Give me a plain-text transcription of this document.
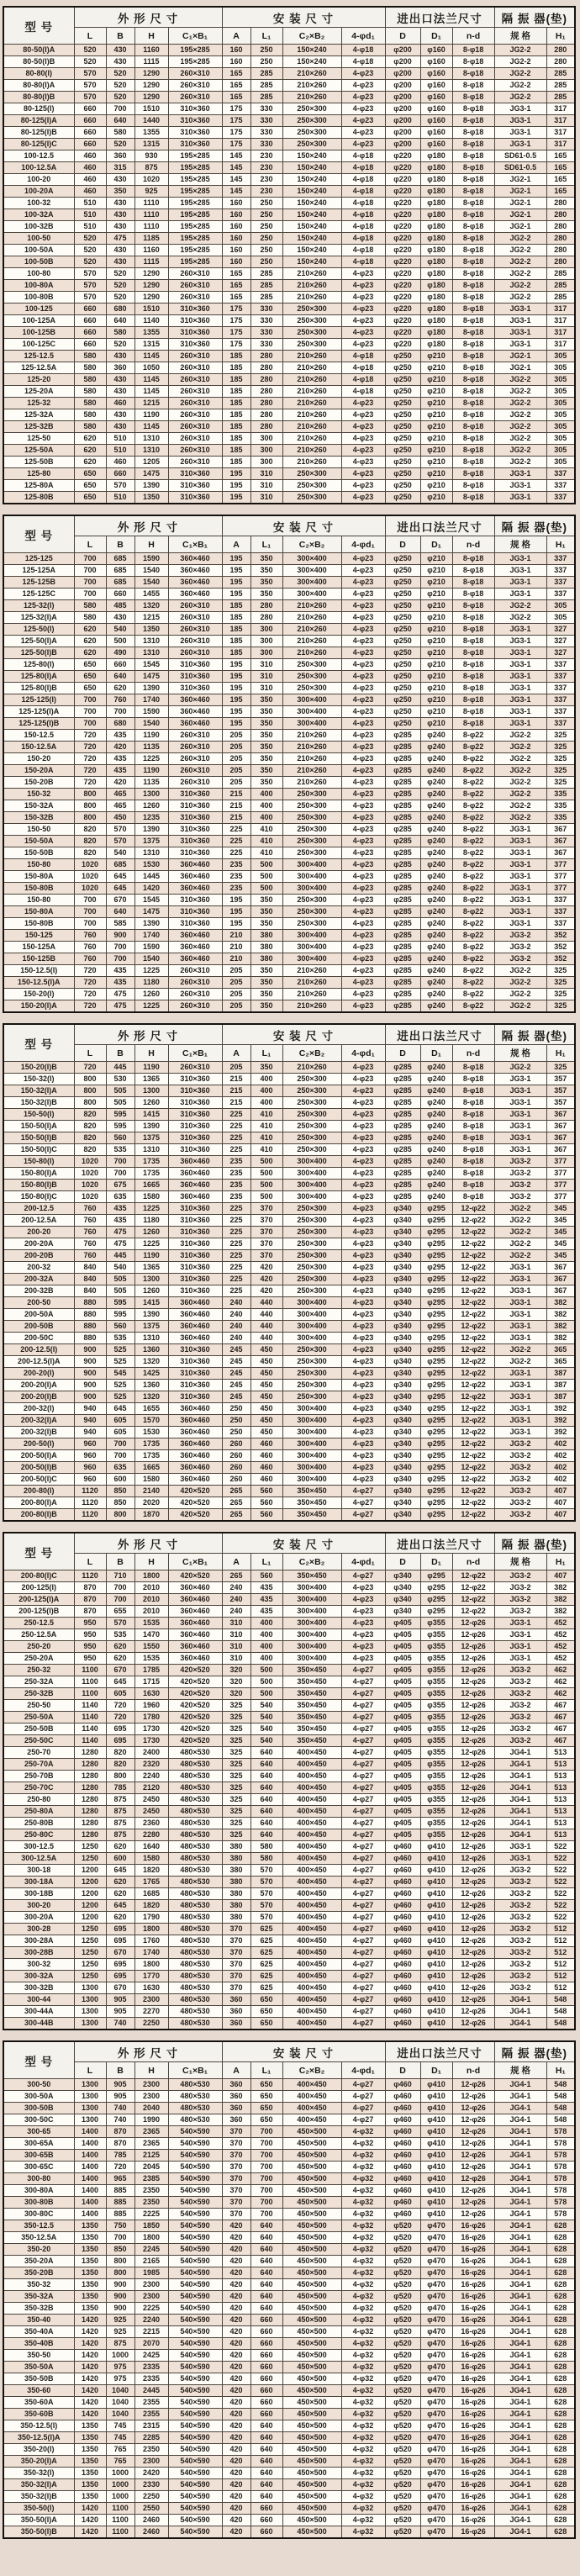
型 号	外 形 尺 寸				安 装 尺 寸				进出口法兰尺寸			隔 振 器(垫)	
	L	B	H	C₁×B₁	A	L₁	C₂×B₂	4-φd₁	D	D₁	n-d	规 格	H₁
80-50(I)A	520	430	1160	195×285	160	250	150×240	4-φ18	φ200	φ160	8-φ18	JG2-2	280
80-50(I)B	520	430	1115	195×285	160	250	150×240	4-φ18	φ200	φ160	8-φ18	JG2-2	280
80-80(I)	570	520	1290	260×310	165	285	210×260	4-φ23	φ200	φ160	8-φ18	JG2-2	285
80-80(I)A	570	520	1290	260×310	165	285	210×260	4-φ23	φ200	φ160	8-φ18	JG2-2	285
80-80(I)B	570	520	1290	260×310	165	285	210×260	4-φ23	φ200	φ160	8-φ18	JG2-2	285
80-125(I)	660	700	1510	310×360	175	330	250×300	4-φ23	φ200	φ160	8-φ18	JG3-1	317
80-125(I)A	660	640	1440	310×360	175	330	250×300	4-φ23	φ200	φ160	8-φ18	JG3-1	317
80-125(I)B	660	580	1355	310×360	175	330	250×300	4-φ23	φ200	φ160	8-φ18	JG3-1	317
80-125(I)C	660	520	1315	310×360	175	330	250×300	4-φ23	φ200	φ160	8-φ18	JG3-1	317
100-12.5	460	360	930	195×285	145	230	150×240	4-φ18	φ220	φ180	8-φ18	SD61-0.5	165
100-12.5A	460	315	875	195×285	145	230	150×240	4-φ18	φ220	φ180	8-φ18	SD61-0.5	165
100-20	460	430	1020	195×285	145	230	150×240	4-φ18	φ220	φ180	8-φ18	JG2-1	165
100-20A	460	350	925	195×285	145	230	150×240	4-φ18	φ220	φ180	8-φ18	JG2-1	165
100-32	510	430	1110	195×285	160	250	150×240	4-φ18	φ220	φ180	8-φ18	JG2-1	280
100-32A	510	430	1110	195×285	160	250	150×240	4-φ18	φ220	φ180	8-φ18	JG2-1	280
100-32B	510	430	1110	195×285	160	250	150×240	4-φ18	φ220	φ180	8-φ18	JG2-1	280
100-50	520	475	1185	195×285	160	250	150×240	4-φ18	φ220	φ180	8-φ18	JG2-2	280
100-50A	520	430	1160	195×285	160	250	150×240	4-φ18	φ220	φ180	8-φ18	JG2-2	280
100-50B	520	430	1115	195×285	160	250	150×240	4-φ18	φ220	φ180	8-φ18	JG2-2	280
100-80	570	520	1290	260×310	165	285	210×260	4-φ23	φ220	φ180	8-φ18	JG2-2	285
100-80A	570	520	1290	260×310	165	285	210×260	4-φ23	φ220	φ180	8-φ18	JG2-2	285
100-80B	570	520	1290	260×310	165	285	210×260	4-φ23	φ220	φ180	8-φ18	JG2-2	285
100-125	660	680	1510	310×360	175	330	250×300	4-φ23	φ220	φ180	8-φ18	JG3-1	317
100-125A	660	640	1140	310×360	175	330	250×300	4-φ23	φ220	φ180	8-φ18	JG3-1	317
100-125B	660	580	1355	310×360	175	330	250×300	4-φ23	φ220	φ180	8-φ18	JG3-1	317
100-125C	660	520	1315	310×360	175	330	250×300	4-φ23	φ220	φ180	8-φ18	JG3-1	317
125-12.5	580	430	1145	260×310	185	280	210×260	4-φ18	φ250	φ210	8-φ18	JG2-1	305
125-12.5A	580	360	1050	260×310	185	280	210×260	4-φ18	φ250	φ210	8-φ18	JG2-1	305
125-20	580	430	1145	260×310	185	280	210×260	4-φ18	φ250	φ210	8-φ18	JG2-2	305
125-20A	580	430	1145	260×310	185	280	210×260	4-φ18	φ250	φ210	8-φ18	JG2-2	305
125-32	580	460	1215	260×310	185	280	210×260	4-φ23	φ250	φ210	8-φ18	JG2-2	305
125-32A	580	430	1190	260×310	185	280	210×260	4-φ23	φ250	φ210	8-φ18	JG2-2	305
125-32B	580	430	1145	260×310	185	280	210×260	4-φ23	φ250	φ210	8-φ18	JG2-2	305
125-50	620	510	1310	260×310	185	300	210×260	4-φ23	φ250	φ210	8-φ18	JG2-2	305
125-50A	620	510	1310	260×310	185	300	210×260	4-φ23	φ250	φ210	8-φ18	JG2-2	305
125-50B	620	460	1205	260×310	185	300	210×260	4-φ23	φ250	φ210	8-φ18	JG2-2	305
125-80	650	660	1475	310×360	195	310	250×300	4-φ23	φ250	φ210	8-φ18	JG3-1	337
125-80A	650	570	1390	310×360	195	310	250×300	4-φ23	φ250	φ210	8-φ18	JG3-1	337
125-80B	650	510	1350	310×360	195	310	250×300	4-φ23	φ250	φ210	8-φ18	JG3-1	337
型 号	外 形 尺 寸				安 装 尺 寸				进出口法兰尺寸			隔 振 器(垫)	
	L	B	H	C₁×B₁	A	L₁	C₂×B₂	4-φd₁	D	D₁	n-d	规 格	H₁
125-125	700	685	1590	360×460	195	350	300×400	4-φ23	φ250	φ210	8-φ18	JG3-1	337
125-125A	700	685	1540	360×460	195	350	300×400	4-φ23	φ250	φ210	8-φ18	JG3-1	337
125-125B	700	685	1540	360×460	195	350	300×400	4-φ23	φ250	φ210	8-φ18	JG3-1	337
125-125C	700	660	1455	360×460	195	350	300×400	4-φ23	φ250	φ210	8-φ18	JG3-1	337
125-32(I)	580	485	1320	260×310	185	280	210×260	4-φ23	φ250	φ210	8-φ18	JG2-2	305
125-32(I)A	580	430	1215	260×310	185	280	210×260	4-φ23	φ250	φ210	8-φ18	JG2-2	305
125-50(I)	620	540	1350	260×310	185	300	210×260	4-φ23	φ250	φ210	8-φ18	JG3-1	327
125-50(I)A	620	500	1310	260×310	185	300	210×260	4-φ23	φ250	φ210	8-φ18	JG3-1	327
125-50(I)B	620	490	1310	260×310	185	300	210×260	4-φ23	φ250	φ210	8-φ18	JG3-1	327
125-80(I)	650	660	1545	310×360	195	310	250×300	4-φ23	φ250	φ210	8-φ18	JG3-1	337
125-80(I)A	650	640	1475	310×360	195	310	250×300	4-φ23	φ250	φ210	8-φ18	JG3-1	337
125-80(I)B	650	620	1390	310×360	195	310	250×300	4-φ23	φ250	φ210	8-φ18	JG3-1	337
125-125(I)	700	760	1740	360×460	195	350	300×400	4-φ23	φ250	φ210	8-φ18	JG3-1	337
125-125(I)A	700	700	1590	360×460	195	350	300×400	4-φ23	φ250	φ210	8-φ18	JG3-1	337
125-125(I)B	700	680	1540	360×460	195	350	300×400	4-φ23	φ250	φ210	8-φ18	JG3-1	337
150-12.5	720	435	1190	260×310	205	350	210×260	4-φ23	φ285	φ240	8-φ22	JG2-2	325
150-12.5A	720	420	1135	260×310	205	350	210×260	4-φ23	φ285	φ240	8-φ22	JG2-2	325
150-20	720	435	1225	260×310	205	350	210×260	4-φ23	φ285	φ240	8-φ22	JG2-2	325
150-20A	720	435	1190	260×310	205	350	210×260	4-φ23	φ285	φ240	8-φ22	JG2-2	325
150-20B	720	420	1135	260×310	205	350	210×260	4-φ23	φ285	φ240	8-φ22	JG2-2	325
150-32	800	465	1300	310×360	215	400	250×300	4-φ23	φ285	φ240	8-φ22	JG2-2	335
150-32A	800	465	1260	310×360	215	400	250×300	4-φ23	φ285	φ240	8-φ22	JG2-2	335
150-32B	800	450	1235	310×360	215	400	250×300	4-φ23	φ285	φ240	8-φ22	JG2-2	335
150-50	820	570	1390	310×360	225	410	250×300	4-φ23	φ285	φ240	8-φ22	JG3-1	367
150-50A	820	570	1375	310×360	225	410	250×300	4-φ23	φ285	φ240	8-φ22	JG3-1	367
150-50B	820	540	1310	310×360	225	410	250×300	4-φ23	φ285	φ240	8-φ22	JG3-1	367
150-80	1020	685	1530	360×460	235	500	300×400	4-φ23	φ285	φ240	8-φ22	JG3-1	377
150-80A	1020	645	1445	360×460	235	500	300×400	4-φ23	φ285	φ240	8-φ22	JG3-1	377
150-80B	1020	645	1420	360×460	235	500	300×400	4-φ23	φ285	φ240	8-φ22	JG3-1	377
150-80	700	670	1545	310×360	195	350	250×300	4-φ23	φ285	φ240	8-φ22	JG3-1	337
150-80A	700	640	1475	310×360	195	350	250×300	4-φ23	φ285	φ240	8-φ22	JG3-1	337
150-80B	700	585	1390	310×360	195	350	250×300	4-φ23	φ285	φ240	8-φ22	JG3-1	337
150-125	760	900	1740	360×460	210	380	300×400	4-φ23	φ285	φ240	8-φ22	JG3-2	352
150-125A	760	700	1590	360×460	210	380	300×400	4-φ23	φ285	φ240	8-φ22	JG3-2	352
150-125B	760	700	1540	360×460	210	380	300×400	4-φ23	φ285	φ240	8-φ22	JG3-2	352
150-12.5(I)	720	435	1225	260×310	205	350	210×260	4-φ23	φ285	φ240	8-φ22	JG2-2	325
150-12.5(I)A	720	435	1180	260×310	205	350	210×260	4-φ23	φ285	φ240	8-φ22	JG2-2	325
150-20(I)	720	475	1260	260×310	205	350	210×260	4-φ23	φ285	φ240	8-φ22	JG2-2	325
150-20(I)A	720	475	1225	260×310	205	350	210×260	4-φ23	φ285	φ240	8-φ22	JG2-2	325
型 号	外 形 尺 寸				安 装 尺 寸				进出口法兰尺寸			隔 振 器(垫)	
	L	B	H	C₁×B₁	A	L₁	C₂×B₂	4-φd₁	D	D₁	n-d	规 格	H₁
150-20(I)B	720	445	1190	260×310	205	350	210×260	4-φ23	φ285	φ240	8-φ18	JG2-2	325
150-32(I)	800	530	1365	310×360	215	400	250×300	4-φ23	φ285	φ240	8-φ18	JG3-1	357
150-32(I)A	800	505	1300	310×360	215	400	250×300	4-φ23	φ285	φ240	8-φ18	JG3-1	357
150-32(I)B	800	505	1260	310×360	215	400	250×300	4-φ23	φ285	φ240	8-φ18	JG3-1	357
150-50(I)	820	595	1415	310×360	225	410	250×300	4-φ23	φ285	φ240	8-φ18	JG3-1	367
150-50(I)A	820	595	1390	310×360	225	410	250×300	4-φ23	φ285	φ240	8-φ18	JG3-1	367
150-50(I)B	820	560	1375	310×360	225	410	250×300	4-φ23	φ285	φ240	8-φ18	JG3-1	367
150-50(I)C	820	535	1310	310×360	225	410	250×300	4-φ23	φ285	φ240	8-φ18	JG3-1	367
150-80(I)	1020	700	1735	360×460	235	500	300×400	4-φ23	φ285	φ240	8-φ18	JG3-2	377
150-80(I)A	1020	700	1735	360×460	235	500	300×400	4-φ23	φ285	φ240	8-φ18	JG3-2	377
150-80(I)B	1020	675	1665	360×460	235	500	300×400	4-φ23	φ285	φ240	8-φ18	JG3-2	377
150-80(I)C	1020	635	1580	360×460	235	500	300×400	4-φ23	φ285	φ240	8-φ18	JG3-2	377
200-12.5	760	435	1225	310×360	225	370	250×300	4-φ23	φ340	φ295	12-φ22	JG2-2	345
200-12.5A	760	435	1180	310×360	225	370	250×300	4-φ23	φ340	φ295	12-φ22	JG2-2	345
200-20	760	475	1260	310×360	225	370	250×300	4-φ23	φ340	φ295	12-φ22	JG2-2	345
200-20A	760	475	1225	310×360	225	370	250×300	4-φ23	φ340	φ295	12-φ22	JG2-2	345
200-20B	760	445	1190	310×360	225	370	250×300	4-φ23	φ340	φ295	12-φ22	JG2-2	345
200-32	840	540	1365	310×360	225	420	250×300	4-φ23	φ340	φ295	12-φ22	JG3-1	367
200-32A	840	505	1300	310×360	225	420	250×300	4-φ23	φ340	φ295	12-φ22	JG3-1	367
200-32B	840	505	1260	310×360	225	420	250×300	4-φ23	φ340	φ295	12-φ22	JG3-1	367
200-50	880	595	1415	360×460	240	440	300×400	4-φ23	φ340	φ295	12-φ22	JG3-1	382
200-50A	880	595	1390	360×460	240	440	300×400	4-φ23	φ340	φ295	12-φ22	JG3-1	382
200-50B	880	560	1375	360×460	240	440	300×400	4-φ23	φ340	φ295	12-φ22	JG3-1	382
200-50C	880	535	1310	360×460	240	440	300×400	4-φ23	φ340	φ295	12-φ22	JG3-1	382
200-12.5(I)	900	525	1360	310×360	245	450	250×300	4-φ23	φ340	φ295	12-φ22	JG2-2	365
200-12.5(I)A	900	525	1320	310×360	245	450	250×300	4-φ23	φ340	φ295	12-φ22	JG2-2	365
200-20(I)	900	545	1425	310×360	245	450	250×300	4-φ23	φ340	φ295	12-φ22	JG3-1	387
200-20(I)A	900	525	1360	310×360	245	450	250×300	4-φ23	φ340	φ295	12-φ22	JG3-1	387
200-20(I)B	900	525	1320	310×360	245	450	250×300	4-φ23	φ340	φ295	12-φ22	JG3-1	387
200-32(I)	940	645	1655	360×460	250	450	300×400	4-φ23	φ340	φ295	12-φ22	JG3-1	392
200-32(I)A	940	605	1570	360×460	250	450	300×400	4-φ23	φ340	φ295	12-φ22	JG3-1	392
200-32(I)B	940	605	1530	360×460	250	450	300×400	4-φ23	φ340	φ295	12-φ22	JG3-1	392
200-50(I)	960	700	1735	360×460	260	460	300×400	4-φ23	φ340	φ295	12-φ22	JG3-2	402
200-50(I)A	960	700	1735	360×460	260	460	300×400	4-φ23	φ340	φ295	12-φ22	JG3-2	402
200-50(I)B	960	635	1665	360×460	260	460	300×400	4-φ23	φ340	φ295	12-φ22	JG3-2	402
200-50(I)C	960	600	1580	360×460	260	460	300×400	4-φ23	φ340	φ295	12-φ22	JG3-2	402
200-80(I)	1120	850	2140	420×520	265	560	350×450	4-φ27	φ340	φ295	12-φ22	JG3-2	407
200-80(I)A	1120	850	2020	420×520	265	560	350×450	4-φ27	φ340	φ295	12-φ22	JG3-2	407
200-80(I)B	1120	800	1870	420×520	265	560	350×450	4-φ27	φ340	φ295	12-φ22	JG3-2	407
型 号	外 形 尺 寸				安 装 尺 寸				进出口法兰尺寸			隔 振 器(垫)	
	L	B	H	C₁×B₁	A	L₁	C₂×B₂	4-φd₁	D	D₁	n-d	规 格	H₁
200-80(I)C	1120	710	1800	420×520	265	560	350×450	4-φ27	φ340	φ295	12-φ22	JG3-2	407
200-125(I)	870	700	2010	360×460	240	435	300×400	4-φ23	φ340	φ295	12-φ22	JG3-2	382
200-125(I)A	870	700	2010	360×460	240	435	300×400	4-φ23	φ340	φ295	12-φ22	JG3-2	382
200-125(I)B	870	655	2010	360×460	240	435	300×400	4-φ23	φ340	φ295	12-φ22	JG3-2	382
250-12.5	950	570	1535	360×460	310	400	300×400	4-φ23	φ405	φ355	12-φ26	JG3-1	452
250-12.5A	950	535	1470	360×460	310	400	300×400	4-φ23	φ405	φ355	12-φ26	JG3-1	452
250-20	950	620	1550	360×460	310	400	300×400	4-φ23	φ405	φ355	12-φ26	JG3-1	452
250-20A	950	620	1535	360×460	310	400	300×400	4-φ23	φ405	φ355	12-φ26	JG3-1	452
250-32	1100	670	1785	420×520	320	500	350×450	4-φ27	φ405	φ355	12-φ26	JG3-2	462
250-32A	1100	645	1715	420×520	320	500	350×450	4-φ27	φ405	φ355	12-φ26	JG3-2	462
250-32B	1100	605	1630	420×520	320	500	350×450	4-φ27	φ405	φ355	12-φ26	JG3-2	462
250-50	1140	720	1960	420×520	325	540	350×450	4-φ27	φ405	φ355	12-φ26	JG3-2	467
250-50A	1140	720	1780	420×520	325	540	350×450	4-φ27	φ405	φ355	12-φ26	JG3-2	467
250-50B	1140	695	1730	420×520	325	540	350×450	4-φ27	φ405	φ355	12-φ26	JG3-2	467
250-50C	1140	695	1730	420×520	325	540	350×450	4-φ27	φ405	φ355	12-φ26	JG3-2	467
250-70	1280	820	2400	480×530	325	640	400×450	4-φ27	φ405	φ355	12-φ26	JG4-1	513
250-70A	1280	820	2320	480×530	325	640	400×450	4-φ27	φ405	φ355	12-φ26	JG4-1	513
250-70B	1280	800	2240	480×530	325	640	400×450	4-φ27	φ405	φ355	12-φ26	JG4-1	513
250-70C	1280	785	2120	480×530	325	640	400×450	4-φ27	φ405	φ355	12-φ26	JG4-1	513
250-80	1280	875	2450	480×530	325	640	400×450	4-φ27	φ405	φ355	12-φ26	JG4-1	513
250-80A	1280	875	2450	480×530	325	640	400×450	4-φ27	φ405	φ355	12-φ26	JG4-1	513
250-80B	1280	875	2360	480×530	325	640	400×450	4-φ27	φ405	φ355	12-φ26	JG4-1	513
250-80C	1280	875	2280	480×530	325	640	400×450	4-φ27	φ405	φ355	12-φ26	JG4-1	513
300-12.5	1250	620	1640	480×530	380	580	400×450	4-φ27	φ460	φ410	12-φ26	JG3-1	522
300-12.5A	1250	600	1580	480×530	380	580	400×450	4-φ27	φ460	φ410	12-φ26	JG3-1	522
300-18	1200	645	1820	480×530	380	570	400×450	4-φ27	φ460	φ410	12-φ26	JG3-2	522
300-18A	1200	620	1765	480×530	380	570	400×450	4-φ27	φ460	φ410	12-φ26	JG3-2	522
300-18B	1200	620	1685	480×530	380	570	400×450	4-φ27	φ460	φ410	12-φ26	JG3-2	522
300-20	1200	645	1820	480×530	380	570	400×450	4-φ27	φ460	φ410	12-φ26	JG3-2	522
300-20A	1200	620	1790	480×530	380	570	400×450	4-φ27	φ460	φ410	12-φ26	JG3-2	522
300-28	1250	695	1800	480×530	370	625	400×450	4-φ27	φ460	φ410	12-φ26	JG3-2	512
300-28A	1250	695	1760	480×530	370	625	400×450	4-φ27	φ460	φ410	12-φ26	JG3-2	512
300-28B	1250	670	1740	480×530	370	625	400×450	4-φ27	φ460	φ410	12-φ26	JG3-2	512
300-32	1250	695	1800	480×530	370	625	400×450	4-φ27	φ460	φ410	12-φ26	JG3-2	512
300-32A	1250	695	1770	480×530	370	625	400×450	4-φ27	φ460	φ410	12-φ26	JG3-2	512
300-32B	1300	670	1630	480×530	370	625	400×450	4-φ27	φ460	φ410	12-φ26	JG3-2	512
300-44	1300	905	2300	480×530	360	650	400×450	4-φ27	φ460	φ410	12-φ26	JG4-1	548
300-44A	1300	905	2270	480×530	360	650	400×450	4-φ27	φ460	φ410	12-φ26	JG4-1	548
300-44B	1300	740	2250	480×530	360	650	400×450	4-φ27	φ460	φ410	12-φ26	JG4-1	548
型 号	外 形 尺 寸				安 装 尺 寸				进出口法兰尺寸			隔 振 器(垫)	
	L	B	H	C₁×B₁	A	L₁	C₂×B₂	4-φd₁	D	D₁	n-d	规 格	H₁
300-50	1300	905	2300	480×530	360	650	400×450	4-φ27	φ460	φ410	12-φ26	JG4-1	548
300-50A	1300	905	2300	480×530	360	650	400×450	4-φ27	φ460	φ410	12-φ26	JG4-1	548
300-50B	1300	740	2040	480×530	360	650	400×450	4-φ27	φ460	φ410	12-φ26	JG4-1	548
300-50C	1300	740	1990	480×530	360	650	400×450	4-φ27	φ460	φ410	12-φ26	JG4-1	548
300-65	1400	870	2365	540×590	370	700	450×500	4-φ32	φ460	φ410	12-φ26	JG4-1	578
300-65A	1400	870	2365	540×590	370	700	450×500	4-φ32	φ460	φ410	12-φ26	JG4-1	578
300-65B	1400	785	2125	540×590	370	700	450×500	4-φ32	φ460	φ410	12-φ26	JG4-1	578
300-65C	1400	720	2045	540×590	370	700	450×500	4-φ32	φ460	φ410	12-φ26	JG4-1	578
300-80	1400	965	2385	540×590	370	700	450×500	4-φ32	φ460	φ410	12-φ26	JG4-1	578
300-80A	1400	885	2350	540×590	370	700	450×500	4-φ32	φ460	φ410	12-φ26	JG4-1	578
300-80B	1400	885	2350	540×590	370	700	450×500	4-φ32	φ460	φ410	12-φ26	JG4-1	578
300-80C	1400	885	2225	540×590	370	700	450×500	4-φ32	φ460	φ410	12-φ26	JG4-1	578
350-12.5	1350	750	1850	540×590	420	640	450×500	4-φ32	φ520	φ470	16-φ26	JG4-1	628
350-12.5A	1350	700	1800	540×590	420	640	450×500	4-φ32	φ520	φ470	16-φ26	JG4-1	628
350-20	1350	850	2245	540×590	420	640	450×500	4-φ32	φ520	φ470	16-φ26	JG4-1	628
350-20A	1350	800	2165	540×590	420	640	450×500	4-φ32	φ520	φ470	16-φ26	JG4-1	628
350-20B	1350	800	1985	540×590	420	640	450×500	4-φ32	φ520	φ470	16-φ26	JG4-1	628
350-32	1350	900	2300	540×590	420	640	450×500	4-φ32	φ520	φ470	16-φ26	JG4-1	628
350-32A	1350	900	2300	540×590	420	640	450×500	4-φ32	φ520	φ470	16-φ26	JG4-1	628
350-32B	1350	900	2225	540×590	420	640	450×500	4-φ32	φ520	φ470	16-φ26	JG4-1	628
350-40	1420	925	2240	540×590	420	660	450×500	4-φ32	φ520	φ470	16-φ26	JG4-1	628
350-40A	1420	925	2215	540×590	420	660	450×500	4-φ32	φ520	φ470	16-φ26	JG4-1	628
350-40B	1420	875	2070	540×590	420	660	450×500	4-φ32	φ520	φ470	16-φ26	JG4-1	628
350-50	1420	1000	2425	540×590	420	660	450×500	4-φ32	φ520	φ470	16-φ26	JG4-1	628
350-50A	1420	975	2335	540×590	420	660	450×500	4-φ32	φ520	φ470	16-φ26	JG4-1	628
350-50B	1420	975	2335	540×590	420	660	450×500	4-φ32	φ520	φ470	16-φ26	JG4-1	628
350-60	1420	1040	2445	540×590	420	660	450×500	4-φ32	φ520	φ470	16-φ26	JG4-1	628
350-60A	1420	1040	2355	540×590	420	660	450×500	4-φ32	φ520	φ470	16-φ26	JG4-1	628
350-60B	1420	1040	2355	540×590	420	660	450×500	4-φ32	φ520	φ470	16-φ26	JG4-1	628
350-12.5(I)	1350	745	2315	540×590	420	640	450×500	4-φ32	φ520	φ470	16-φ26	JG4-1	628
350-12.5(I)A	1350	745	2285	540×590	420	640	450×500	4-φ32	φ520	φ470	16-φ26	JG4-1	628
350-20(I)	1350	765	2350	540×590	420	640	450×500	4-φ32	φ520	φ470	16-φ26	JG4-1	628
350-20(I)A	1350	765	2300	540×590	420	640	450×500	4-φ32	φ520	φ470	16-φ26	JG4-1	628
350-32(I)	1350	1000	2420	540×590	420	640	450×500	4-φ32	φ520	φ470	16-φ26	JG4-1	628
350-32(I)A	1350	1000	2330	540×590	420	640	450×500	4-φ32	φ520	φ470	16-φ26	JG4-1	628
350-32(I)B	1350	1000	2250	540×590	420	640	450×500	4-φ32	φ520	φ470	16-φ26	JG4-1	628
350-50(I)	1420	1100	2550	540×590	420	660	450×500	4-φ32	φ520	φ470	16-φ26	JG4-1	628
350-50(I)A	1420	1100	2460	540×590	420	660	450×500	4-φ32	φ520	φ470	16-φ26	JG4-1	628
350-50(I)B	1420	1100	2460	540×590	420	660	450×500	4-φ32	φ520	φ470	16-φ26	JG4-1	628
